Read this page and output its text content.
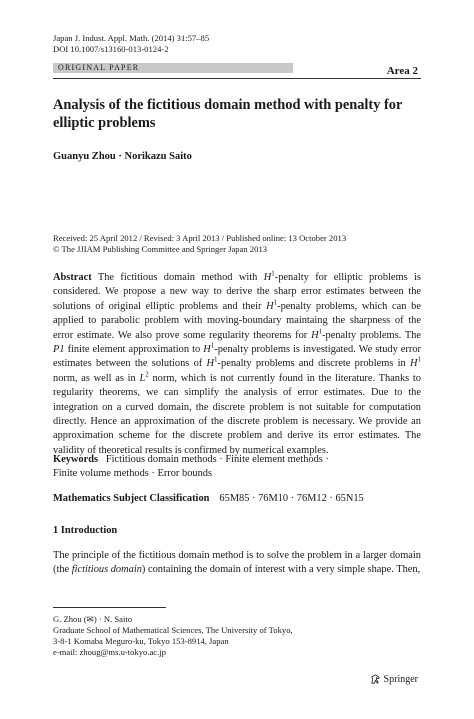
Japan J. Indust. Appl. Math. (2014) 31:57–85
DOI 10.1007/s13160-013-0124-2
ORIGINAL PAPER	Area 2
Analysis of the fictitious domain method with penalty for elliptic problems
Guanyu Zhou · Norikazu Saito
Received: 25 April 2012 / Revised: 3 April 2013 / Published online: 13 October 2013
© The JJIAM Publishing Committee and Springer Japan 2013
Abstract The fictitious domain method with $H^1$-penalty for elliptic problems is considered. We propose a new way to derive the sharp error estimates between the solutions of original elliptic problems and their $H^1$-penalty problems, which can be applied to parabolic problem with moving-boundary maintaing the sharpness of the error estimate. We also prove some regularity theorems for $H^1$-penalty problems. The P1 finite element approximation to $H^1$-penalty problems is investigated. We study error estimates between the solutions of $H^1$-penalty problems and discrete problems in $H^1$ norm, as well as in $L^2$ norm, which is not currently found in the literature. Thanks to regularity theorems, we can simplify the analysis of error estimates. Due to the integration on a curved domain, the discrete problem is not suitable for computation directly. Hence an approximation of the discrete problem is necessary. We provide an approximation scheme for the discrete problem and derive its error estimates. The validity of theoretical results is confirmed by numerical examples.
Keywords Fictitious domain methods · Finite element methods ·
Finite volume methods · Error bounds
Mathematics Subject Classification 65M85 · 76M10 · 76M12 · 65N15
1 Introduction
The principle of the fictitious domain method is to solve the problem in a larger domain (the fictitious domain) containing the domain of interest with a very simple shape. Then,
G. Zhou (✉) · N. Saito
Graduate School of Mathematical Sciences, The University of Tokyo,
3-8-1 Komaba Meguro-ku, Tokyo 153-8914, Japan
e-mail: zhoug@ms.u-tokyo.ac.jp
Springer
